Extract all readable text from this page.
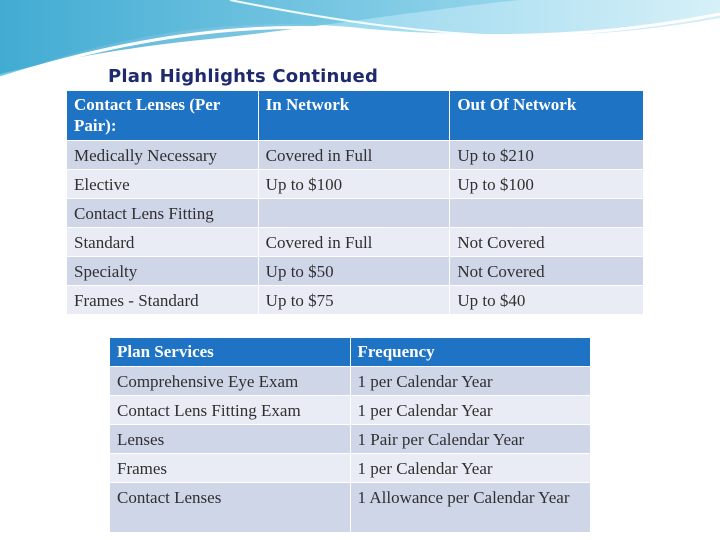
Plan Highlights Continued
Contact Lenses (Per Pair):	In Network	Out Of Network
Medically Necessary	Covered in Full	Up to $210
Elective	Up to $100	Up to $100
Contact Lens Fitting		
Standard	Covered in Full	Not Covered
Specialty	Up to $50	Not Covered
Frames - Standard	Up to $75	Up to $40
Plan Services	Frequency
Comprehensive Eye Exam	1 per Calendar Year
Contact Lens Fitting Exam	1 per Calendar Year
Lenses	1 Pair per Calendar Year
Frames	1 per Calendar Year
Contact Lenses	1 Allowance per Calendar Year
